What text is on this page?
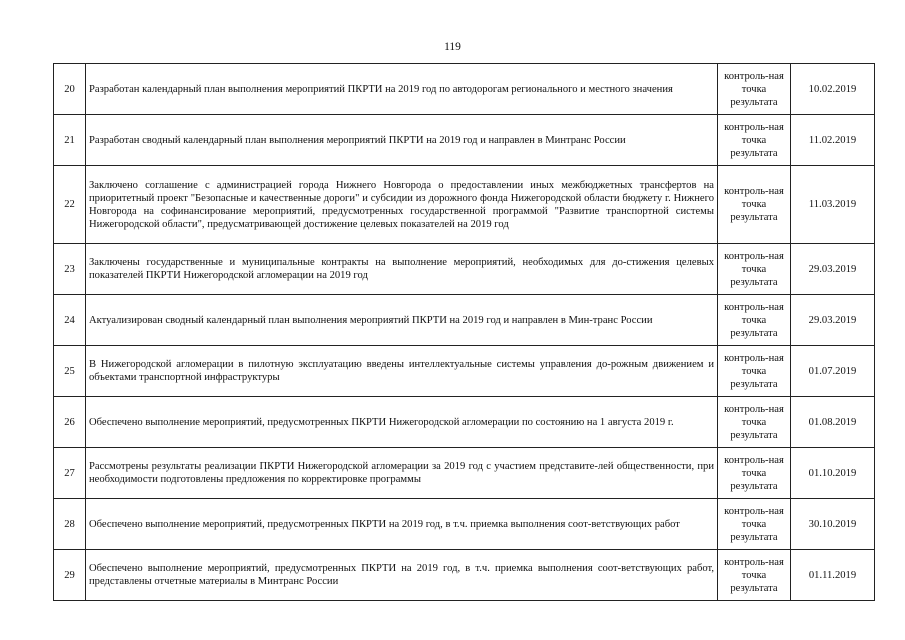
119
20	Разработан календарный план выполнения мероприятий ПКРТИ на 2019 год по автодорогам регионального и местного значения	контроль-ная точка результата	10.02.2019
21	Разработан сводный календарный план выполнения мероприятий ПКРТИ на 2019 год и направлен в Минтранс России	контроль-ная точка результата	11.02.2019
22	Заключено соглашение с администрацией города Нижнего Новгорода о предоставлении иных межбюджетных трансфертов на приоритетный проект "Безопасные и качественные дороги" и субсидии из дорожного фонда Нижегородской области бюджету г. Нижнего Новгорода на софинансирование мероприятий, предусмотренных государственной программой "Развитие транспортной системы Нижегородской области", предусматривающей достижение целевых показателей на 2019 год	контроль-ная точка результата	11.03.2019
23	Заключены государственные и муниципальные контракты на выполнение мероприятий, необходимых для до-стижения целевых показателей ПКРТИ Нижегородской агломерации на 2019 год	контроль-ная точка результата	29.03.2019
24	Актуализирован сводный календарный план выполнения мероприятий ПКРТИ на 2019 год и направлен в Мин-транс России	контроль-ная точка результата	29.03.2019
25	В Нижегородской агломерации в пилотную эксплуатацию введены интеллектуальные системы управления до-рожным движением и объектами транспортной инфраструктуры	контроль-ная точка результата	01.07.2019
26	Обеспечено выполнение мероприятий, предусмотренных ПКРТИ Нижегородской агломерации по состоянию на 1 августа 2019 г.	контроль-ная точка результата	01.08.2019
27	Рассмотрены результаты реализации ПКРТИ Нижегородской агломерации за 2019 год с участием представите-лей общественности, при необходимости подготовлены предложения по корректировке программы	контроль-ная точка результата	01.10.2019
28	Обеспечено выполнение мероприятий, предусмотренных ПКРТИ на 2019 год, в т.ч. приемка выполнения соот-ветствующих работ	контроль-ная точка результата	30.10.2019
29	Обеспечено выполнение мероприятий, предусмотренных ПКРТИ на 2019 год, в т.ч. приемка выполнения соот-ветствующих работ, представлены отчетные материалы в Минтранс России	контроль-ная точка результата	01.11.2019
